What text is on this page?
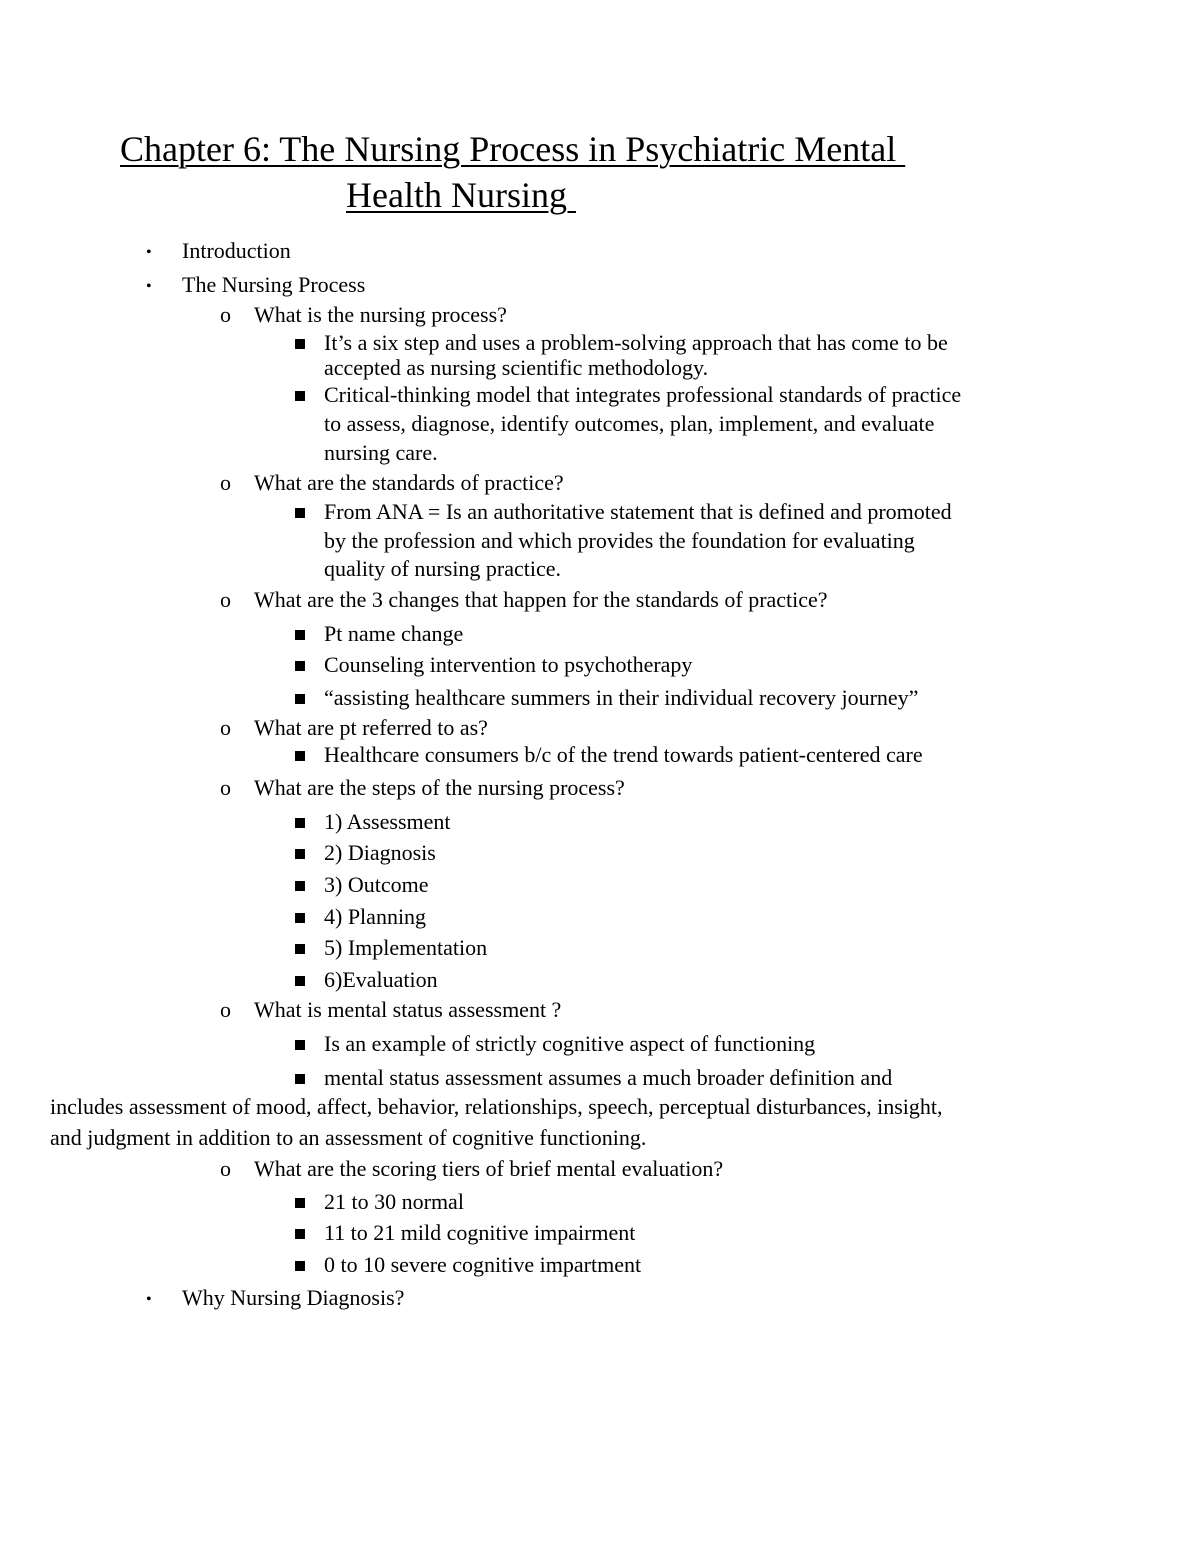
Chapter 6: The Nursing Process in Psychiatric Mental
Health Nursing
• Introduction
• The Nursing Process
o What is the nursing process?
It’s a six step and uses a problem-solving approach that has come to be
accepted as nursing scientific methodology.
Critical-thinking model that integrates professional standards of practice
to assess, diagnose, identify outcomes, plan, implement, and evaluate
nursing care.
o What are the standards of practice?
From ANA = Is an authoritative statement that is defined and promoted
by the profession and which provides the foundation for evaluating
quality of nursing practice.
o What are the 3 changes that happen for the standards of practice?
Pt name change
Counseling intervention to psychotherapy
“assisting healthcare summers in their individual recovery journey”
o What are pt referred to as?
Healthcare consumers b/c of the trend towards patient-centered care
o What are the steps of the nursing process?
1) Assessment
2) Diagnosis
3) Outcome
4) Planning
5) Implementation
6)Evaluation
o What is mental status assessment ?
Is an example of strictly cognitive aspect of functioning
mental status assessment assumes a much broader definition and
includes assessment of mood, affect, behavior, relationships, speech, perceptual disturbances, insight,
and judgment in addition to an assessment of cognitive functioning.
o What are the scoring tiers of brief mental evaluation?
21 to 30 normal
11 to 21 mild cognitive impairment
0 to 10 severe cognitive impartment
• Why Nursing Diagnosis?
